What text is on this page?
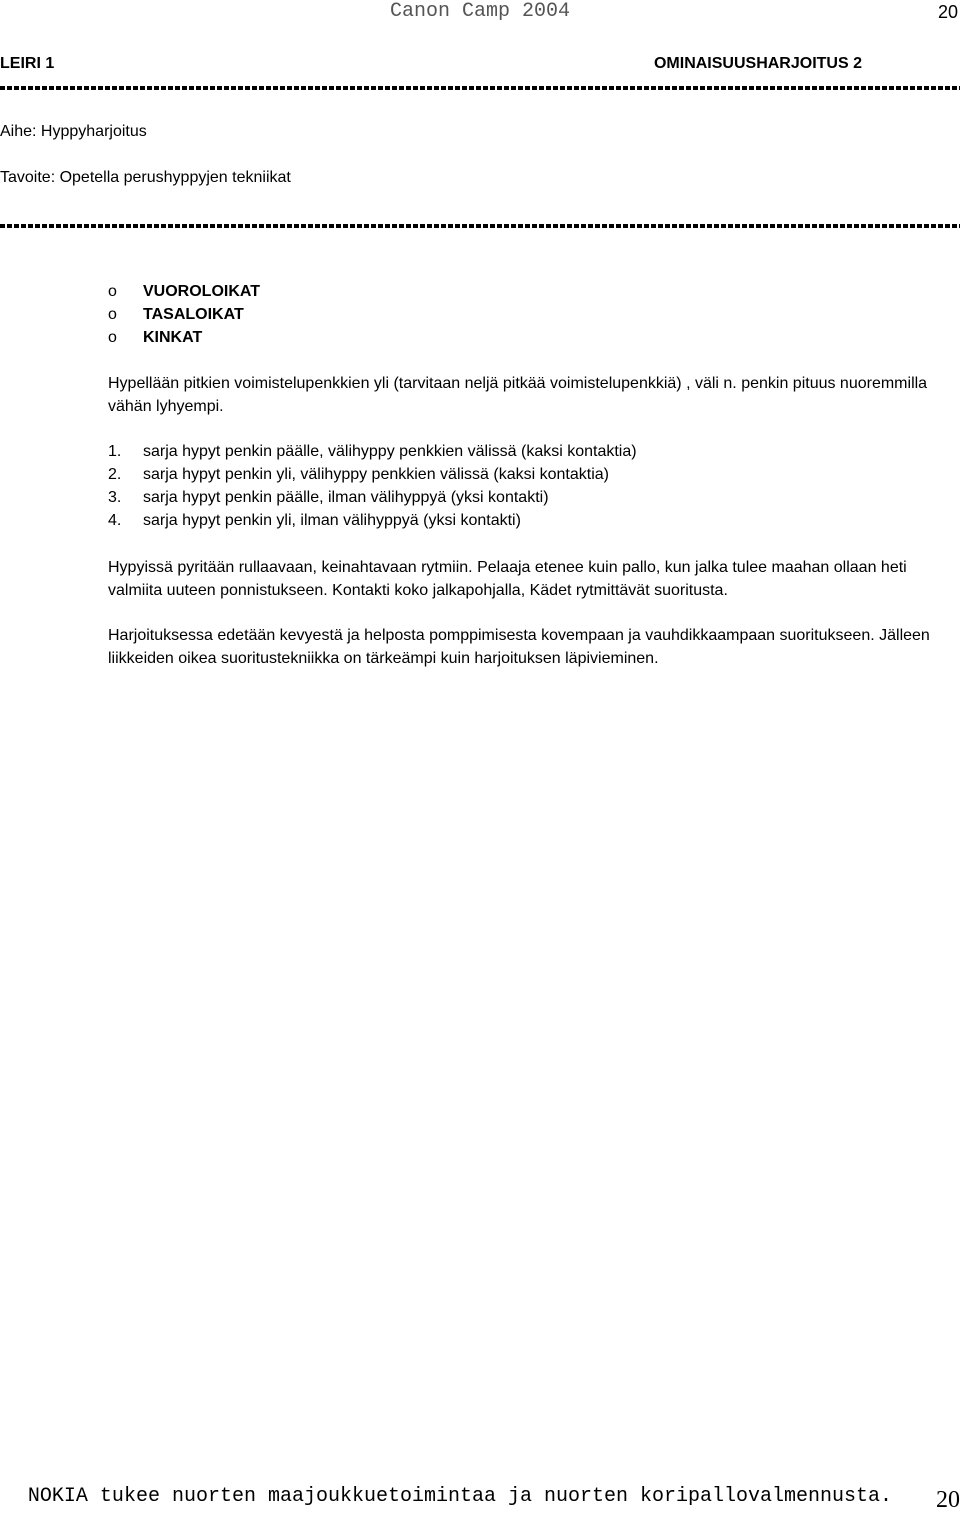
Canon Camp 2004	20
LEIRI 1	OMINAISUUSHARJOITUS 2
Aihe: Hyppyharjoitus
Tavoite: Opetella perushyppyjen tekniikat
o VUOROLOIKAT
o TASALOIKAT
o KINKAT
Hypellään pitkien voimistelupenkkien yli (tarvitaan neljä pitkää voimistelupenkkiä) , väli n. penkin pituus nuoremmilla vähän lyhyempi.
1. sarja hypyt penkin päälle, välihyppy penkkien välissä (kaksi kontaktia)
2. sarja hypyt penkin yli, välihyppy penkkien välissä (kaksi kontaktia)
3. sarja hypyt penkin päälle, ilman välihyppyä (yksi kontakti)
4. sarja hypyt penkin yli, ilman välihyppyä (yksi kontakti)
Hypyissä pyritään rullaavaan, keinahtavaan rytmiin. Pelaaja etenee kuin pallo, kun jalka tulee maahan ollaan heti valmiita uuteen ponnistukseen. Kontakti koko jalkapohjalla, Kädet rytmittävät suoritusta.
Harjoituksessa edetään kevyestä ja helposta pomppimisesta kovempaan ja vauhdikkaampaan suoritukseen. Jälleen liikkeiden oikea suoritustekniikka on tärkeämpi kuin harjoituksen läpivieminen.
NOKIA tukee nuorten maajoukkuetoimintaa ja nuorten koripallovalmennusta.	20
